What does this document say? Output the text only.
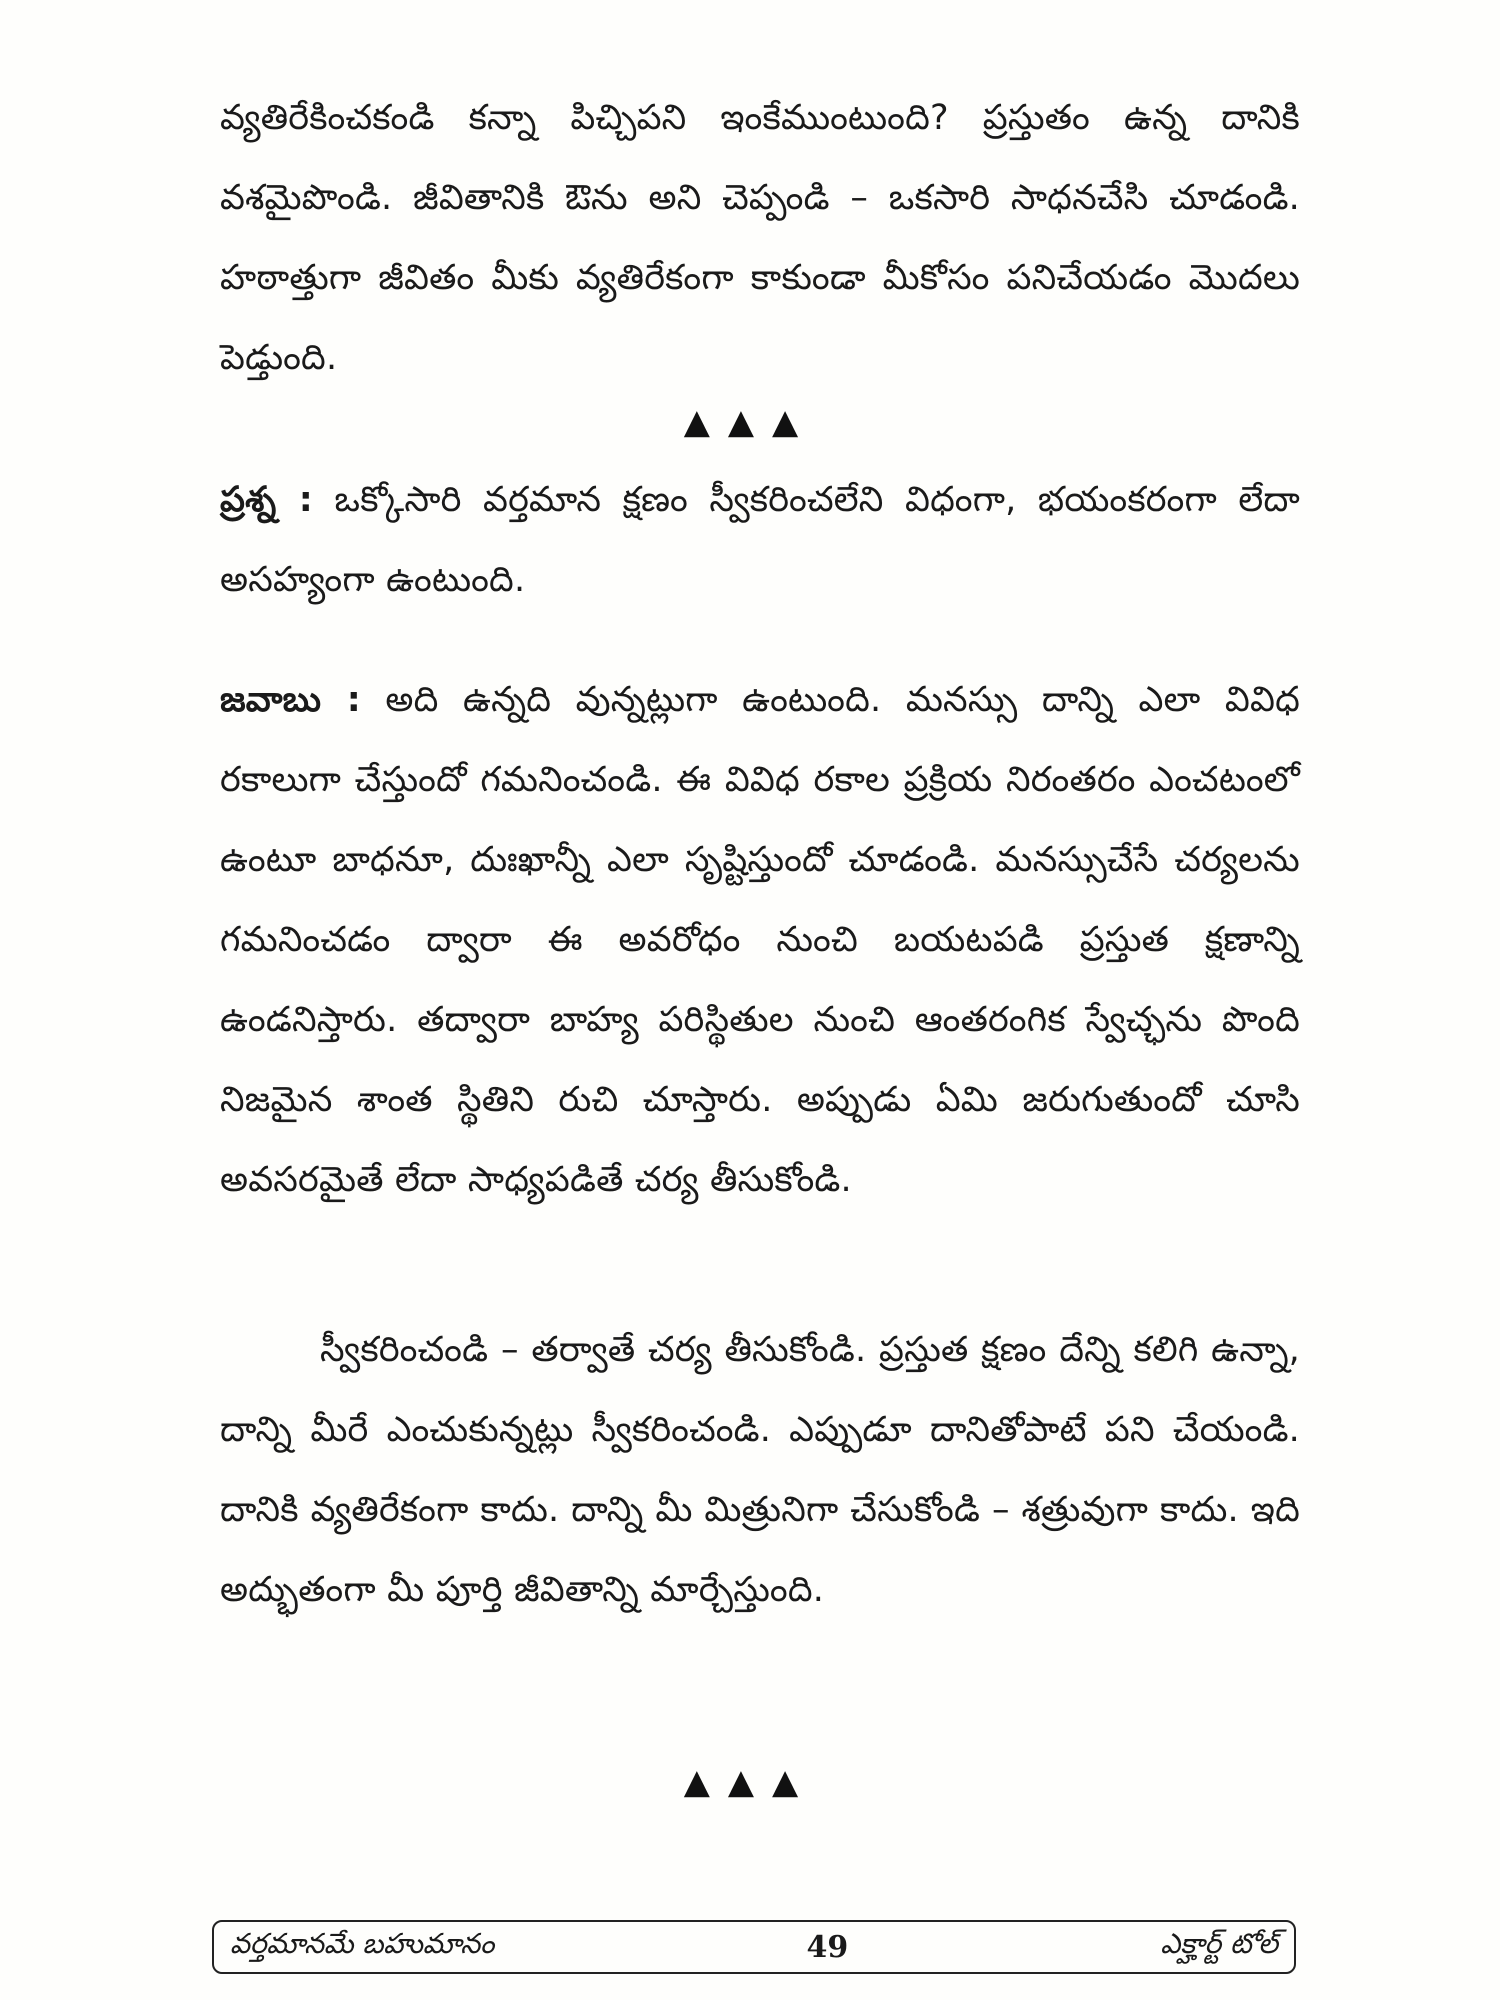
వ్యతిరేకించకండి కన్నా పిచ్చిపని ఇంకేముంటుంది? ప్రస్తుతం ఉన్న దానికి వశమైపొండి. జీవితానికి ఔను అని చెప్పండి – ఒకసారి సాధనచేసి చూడండి. హఠాత్తుగా జీవితం మీకు వ్యతిరేకంగా కాకుండా మీకోసం పనిచేయడం మొదలు పెడ్తుంది.

▲▲▲

ప్రశ్న : ఒక్కోసారి వర్తమాన క్షణం స్వీకరించలేని విధంగా, భయంకరంగా లేదా అసహ్యంగా ఉంటుంది.

జవాబు : అది ఉన్నది వున్నట్లుగా ఉంటుంది. మనస్సు దాన్ని ఎలా వివిధ రకాలుగా చేస్తుందో గమనించండి. ఈ వివిధ రకాల ప్రక్రియ నిరంతరం ఎంచటంలో ఉంటూ బాధనూ, దుఃఖాన్నీ ఎలా సృష్టిస్తుందో చూడండి. మనస్సుచేసే చర్యలను గమనించడం ద్వారా ఈ అవరోధం నుంచి బయటపడి ప్రస్తుత క్షణాన్ని ఉండనిస్తారు. తద్వారా బాహ్య పరిస్థితుల నుంచి ఆంతరంగిక స్వేచ్ఛను పొంది నిజమైన శాంత స్థితిని రుచి చూస్తారు. అప్పుడు ఏమి జరుగుతుందో చూసి అవసరమైతే లేదా సాధ్యపడితే చర్య తీసుకోండి.

స్వీకరించండి – తర్వాతే చర్య తీసుకోండి. ప్రస్తుత క్షణం దేన్ని కలిగి ఉన్నా, దాన్ని మీరే ఎంచుకున్నట్లు స్వీకరించండి. ఎప్పుడూ దానితోపాటే పని చేయండి. దానికి వ్యతిరేకంగా కాదు. దాన్ని మీ మిత్రునిగా చేసుకోండి – శత్రువుగా కాదు. ఇది అద్భుతంగా మీ పూర్తి జీవితాన్ని మార్చేస్తుంది.

▲▲▲
వర్తమానమే బహుమానం	49	ఎక్హార్ట్ టోల్
